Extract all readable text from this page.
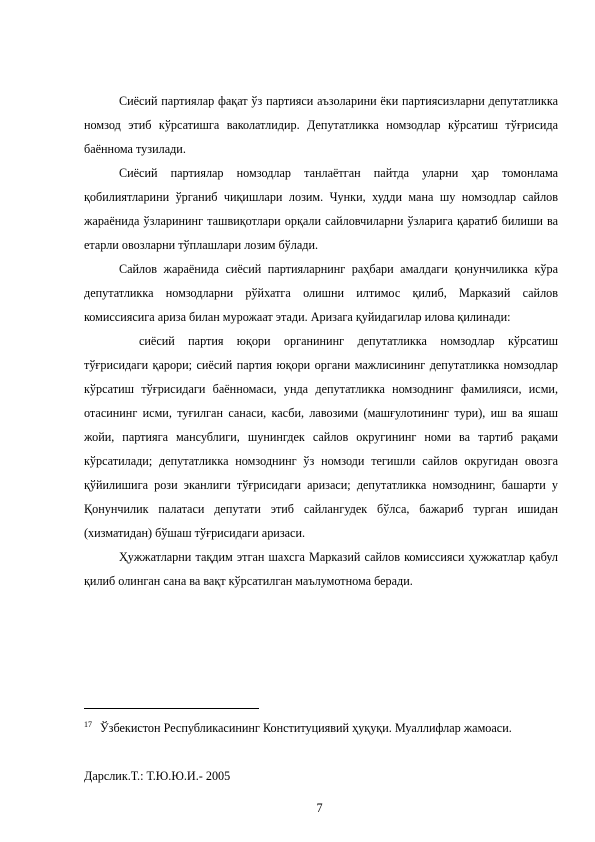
Сиёсий партиялар фақат ўз партияси аъзоларини ёки партиясизларни депутатликка номзод этиб кўрсатишга ваколатлидир. Депутатликка номзодлар кўрсатиш тўғрисида баённома тузилади.

Сиёсий партиялар номзодлар танлаётган пайтда уларни ҳар томонлама қобилиятларини ўрганиб чиқишлари лозим. Чунки, худди мана шу номзодлар сайлов жараёнида ўзларининг ташвиқотлари орқали сайловчиларни ўзларига қаратиб билиши ва етарли овозларни тўплашлари лозим бўлади.

Сайлов жараёнида сиёсий партияларнинг раҳбари амалдаги қонунчиликка кўра депутатликка номзодларни рўйхатга олишни илтимос қилиб, Марказий сайлов комиссиясига ариза билан мурожаат этади. Аризага қуйидагилар илова қилинади:

сиёсий партия юқори органининг депутатликка номзодлар кўрсатиш тўғрисидаги қарори; сиёсий партия юқори органи мажлисининг депутатликка номзодлар кўрсатиш тўғрисидаги баённомаси, унда депутатликка номзоднинг фамилияси, исми, отасининг исми, туғилган санаси, касби, лавозими (машғулотининг тури), иш ва яшаш жойи, партияга мансублиги, шунингдек сайлов округининг номи ва тартиб рақами кўрсатилади; депутатликка номзоднинг ўз номзоди тегишли сайлов округидан овозга қўйилишига рози эканлиги тўғрисидаги аризаси; депутатликка номзоднинг, башарти у Қонунчилик палатаси депутати этиб сайлангудек бўлса, бажариб турган ишидан (хизматидан) бўшаш тўғрисидаги аризаси.

Ҳужжатларни тақдим этган шахсга Марказий сайлов комиссияси ҳужжатлар қабул қилиб олинган сана ва вақт кўрсатилган маълумотнома беради.

$^{17}$ Ўзбекистон Республикасининг Конституциявий ҳуқуқи. Муаллифлар жамоаси.
Дарслик.Т.: Т.Ю.Ю.И.- 2005
7
